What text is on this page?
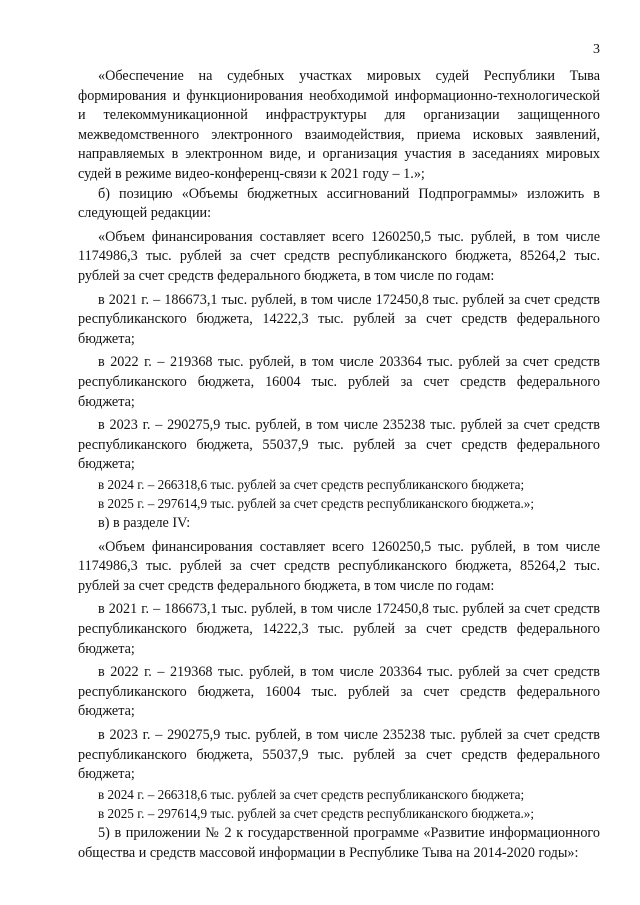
3

«Обеспечение на судебных участках мировых судей Республики Тыва формирования и функционирования необходимой информационно-технологической и телекоммуникационной инфраструктуры для организации защищенного межведомственного электронного взаимодействия, приема исковых заявлений, направляемых в электронном виде, и организация участия в заседаниях мировых судей в режиме видео-конференц-связи к 2021 году – 1.»;

б) позицию «Объемы бюджетных ассигнований Подпрограммы» изложить в следующей редакции:

«Объем финансирования составляет всего 1260250,5 тыс. рублей, в том числе 1174986,3 тыс. рублей за счет средств республиканского бюджета, 85264,2 тыс. рублей за счет средств федерального бюджета, в том числе по годам:

в 2021 г. – 186673,1 тыс. рублей, в том числе 172450,8 тыс. рублей за счет средств республиканского бюджета, 14222,3 тыс. рублей за счет средств федерального бюджета;

в 2022 г. – 219368 тыс. рублей, в том числе 203364 тыс. рублей за счет средств республиканского бюджета, 16004 тыс. рублей за счет средств федерального бюджета;

в 2023 г. – 290275,9 тыс. рублей, в том числе 235238 тыс. рублей за счет средств республиканского бюджета, 55037,9 тыс. рублей за счет средств федерального бюджета;

в 2024 г. – 266318,6 тыс. рублей за счет средств республиканского бюджета;

в 2025 г. – 297614,9 тыс. рублей за счет средств республиканского бюджета.»;

в) в разделе IV:

«Объем финансирования составляет всего 1260250,5 тыс. рублей, в том числе 1174986,3 тыс. рублей за счет средств республиканского бюджета, 85264,2 тыс. рублей за счет средств федерального бюджета, в том числе по годам:

в 2021 г. – 186673,1 тыс. рублей, в том числе 172450,8 тыс. рублей за счет средств республиканского бюджета, 14222,3 тыс. рублей за счет средств федерального бюджета;

в 2022 г. – 219368 тыс. рублей, в том числе 203364 тыс. рублей за счет средств республиканского бюджета, 16004 тыс. рублей за счет средств федерального бюджета;

в 2023 г. – 290275,9 тыс. рублей, в том числе 235238 тыс. рублей за счет средств республиканского бюджета, 55037,9 тыс. рублей за счет средств федерального бюджета;

в 2024 г. – 266318,6 тыс. рублей за счет средств республиканского бюджета;

в 2025 г. – 297614,9 тыс. рублей за счет средств республиканского бюджета.»;

5) в приложении № 2 к государственной программе «Развитие информационного общества и средств массовой информации в Республике Тыва на 2014-2020 годы»:
